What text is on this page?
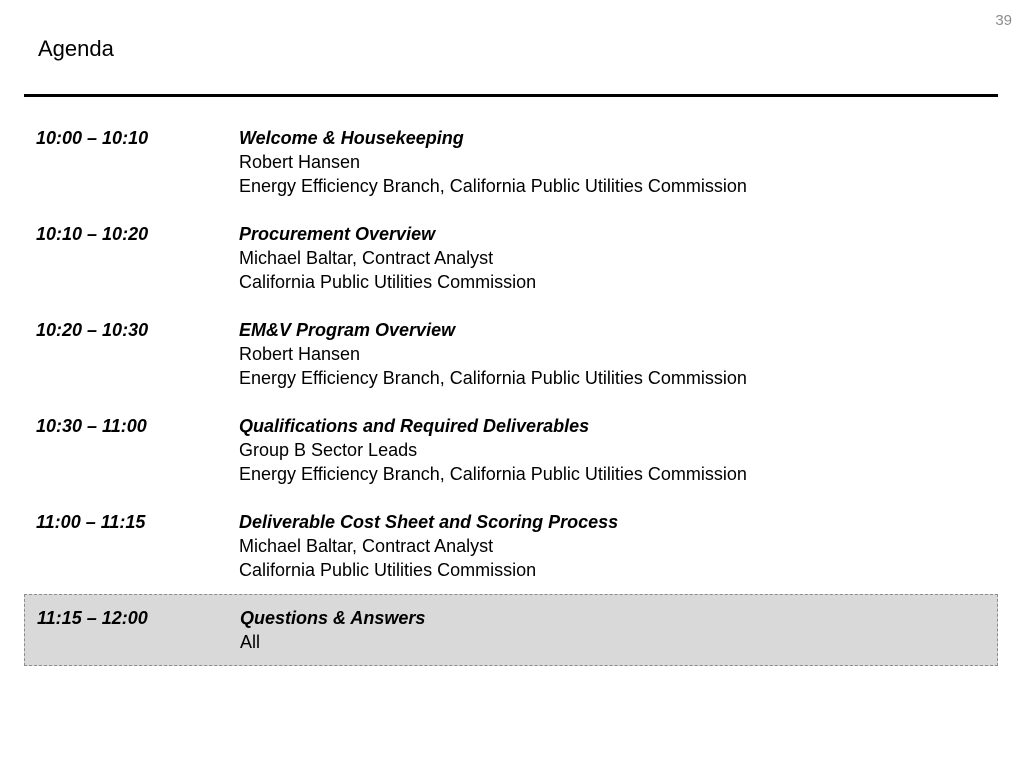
39
Agenda
10:00 – 10:10	Welcome & Housekeeping
Robert Hansen
Energy Efficiency Branch, California Public Utilities Commission
10:10 – 10:20	Procurement Overview
Michael Baltar, Contract Analyst
California Public Utilities Commission
10:20 – 10:30	EM&V Program Overview
Robert Hansen
Energy Efficiency Branch, California Public Utilities Commission
10:30 – 11:00	Qualifications and Required Deliverables
Group B Sector Leads
Energy Efficiency Branch, California Public Utilities Commission
11:00 – 11:15	Deliverable Cost Sheet and Scoring Process
Michael Baltar, Contract Analyst
California Public Utilities Commission
11:15 – 12:00	Questions & Answers
All
